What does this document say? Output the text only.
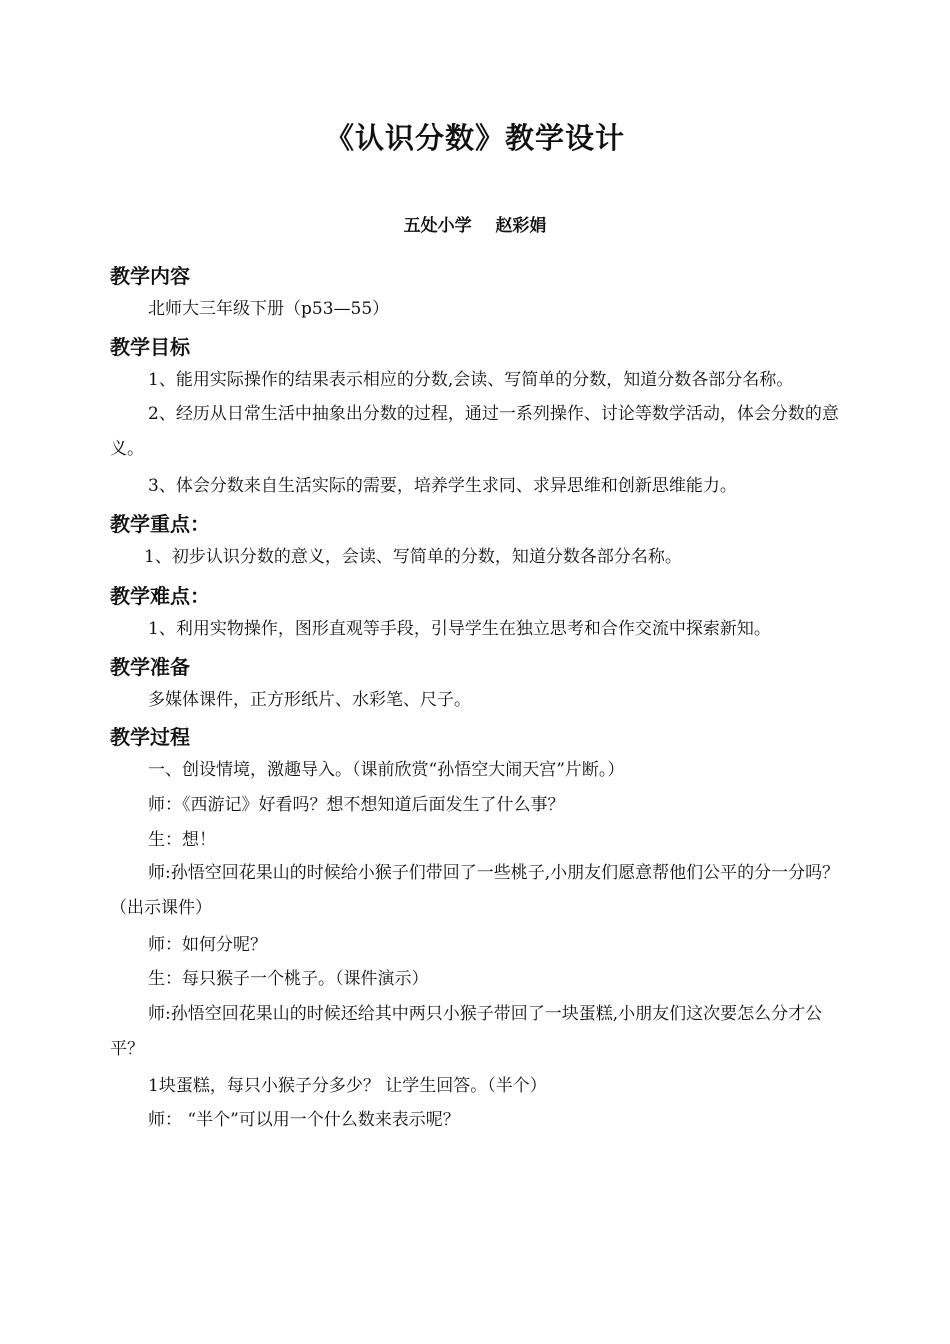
《认识分数》教学设计
五处小学    赵彩娟
教学内容

北师大三年级下册（p53—55）

教学目标

1、能用实际操作的结果表示相应的分数,会读、写简单的分数，知道分数各部分名称。

2、经历从日常生活中抽象出分数的过程，通过一系列操作、讨论等数学活动，体会分数的意义。

3、体会分数来自生活实际的需要，培养学生求同、求异思维和创新思维能力。

教学重点：

1、初步认识分数的意义，会读、写简单的分数，知道分数各部分名称。

教学难点：

1、利用实物操作，图形直观等手段，引导学生在独立思考和合作交流中探索新知。

教学准备

多媒体课件，正方形纸片、水彩笔、尺子。

教学过程

一、创设情境，激趣导入。（课前欣赏“孙悟空大闹天宫”片断。）

师：《西游记》好看吗？想不想知道后面发生了什么事？

生：想！

师:孙悟空回花果山的时候给小猴子们带回了一些桃子,小朋友们愿意帮他们公平的分一分吗？（出示课件）

师：如何分呢？

生：每只猴子一个桃子。（课件演示）

师:孙悟空回花果山的时候还给其中两只小猴子带回了一块蛋糕,小朋友们这次要怎么分才公平？

1块蛋糕，每只小猴子分多少？ 让学生回答。（半个）

师： “半个”可以用一个什么数来表示呢？
